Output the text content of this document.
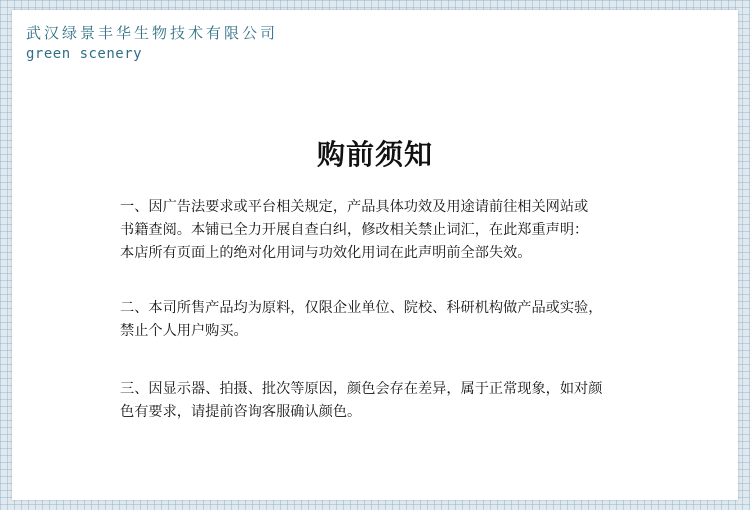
武汉绿景丰华生物技术有限公司
green scenery
购前须知
一、因广告法要求或平台相关规定，产品具体功效及用途请前往相关网站或
书籍查阅。本铺已全力开展自查白纠，修改相关禁止词汇，在此郑重声明：
本店所有页面上的绝对化用词与功效化用词在此声明前全部失效。
二、本司所售产品均为原料，仅限企业单位、院校、科研机构做产品或实验，
禁止个人用户购买。
三、因显示器、拍摄、批次等原因，颜色会存在差异，属于正常现象，如对颜
色有要求，请提前咨询客服确认颜色。
